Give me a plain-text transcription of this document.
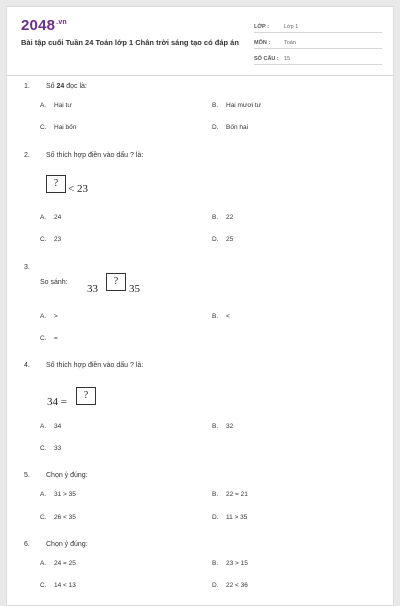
$2048^{.vn}$
Bài tập cuối Tuần 24 Toán lớp 1 Chân trời sáng tạo có đáp án
LỚP :	Lớp 1
MÔN :	Toán
SỐ CÂU : 15
1.	Số 24 đọc là:
A. Hai tư	B. Hai mươi tư
C. Hai bốn	D. Bốn hai
2.	Số thích hợp điền vào dấu ? là:
? < 23
A. 24	B. 22
C. 23	D. 25
3.
So sánh:
33
?
35
A. >	B. <
C. =
4.	Số thích hợp điền vào dấu ? là:
34 =
?
A. 34	B. 32
C. 33
5.	Chọn ý đúng:
A. 31 > 35	B. 22 = 21
C. 26 < 35	D. 11 > 35
6.	Chọn ý đúng:
A. 24 = 25	B. 23 > 15
C. 14 < 13	D. 22 < 36
